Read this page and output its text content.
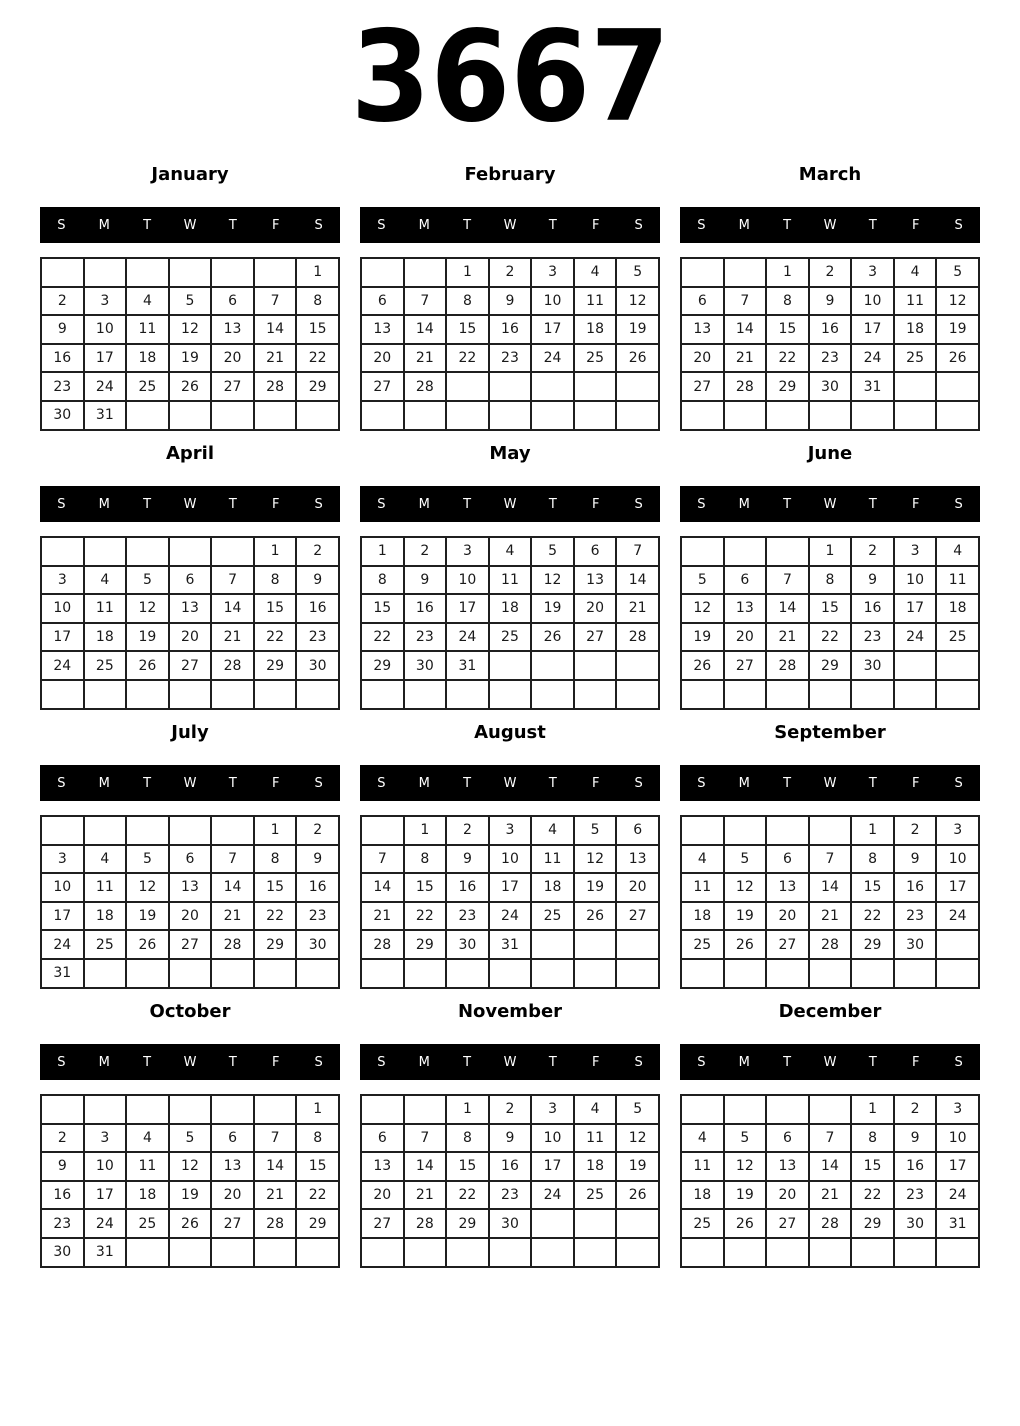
3667
January
S	M	T	W	T	F	S
						1
2	3	4	5	6	7	8
9	10	11	12	13	14	15
16	17	18	19	20	21	22
23	24	25	26	27	28	29
30	31					
February
S	M	T	W	T	F	S
		1	2	3	4	5
6	7	8	9	10	11	12
13	14	15	16	17	18	19
20	21	22	23	24	25	26
27	28					

March
S	M	T	W	T	F	S
		1	2	3	4	5
6	7	8	9	10	11	12
13	14	15	16	17	18	19
20	21	22	23	24	25	26
27	28	29	30	31		

April
S	M	T	W	T	F	S
					1	2
3	4	5	6	7	8	9
10	11	12	13	14	15	16
17	18	19	20	21	22	23
24	25	26	27	28	29	30

May
S	M	T	W	T	F	S
1	2	3	4	5	6	7
8	9	10	11	12	13	14
15	16	17	18	19	20	21
22	23	24	25	26	27	28
29	30	31				

June
S	M	T	W	T	F	S
			1	2	3	4
5	6	7	8	9	10	11
12	13	14	15	16	17	18
19	20	21	22	23	24	25
26	27	28	29	30		

July
S	M	T	W	T	F	S
					1	2
3	4	5	6	7	8	9
10	11	12	13	14	15	16
17	18	19	20	21	22	23
24	25	26	27	28	29	30
31						
August
S	M	T	W	T	F	S
	1	2	3	4	5	6
7	8	9	10	11	12	13
14	15	16	17	18	19	20
21	22	23	24	25	26	27
28	29	30	31			

September
S	M	T	W	T	F	S
				1	2	3
4	5	6	7	8	9	10
11	12	13	14	15	16	17
18	19	20	21	22	23	24
25	26	27	28	29	30	

October
S	M	T	W	T	F	S
						1
2	3	4	5	6	7	8
9	10	11	12	13	14	15
16	17	18	19	20	21	22
23	24	25	26	27	28	29
30	31					
November
S	M	T	W	T	F	S
		1	2	3	4	5
6	7	8	9	10	11	12
13	14	15	16	17	18	19
20	21	22	23	24	25	26
27	28	29	30			

December
S	M	T	W	T	F	S
				1	2	3
4	5	6	7	8	9	10
11	12	13	14	15	16	17
18	19	20	21	22	23	24
25	26	27	28	29	30	31
